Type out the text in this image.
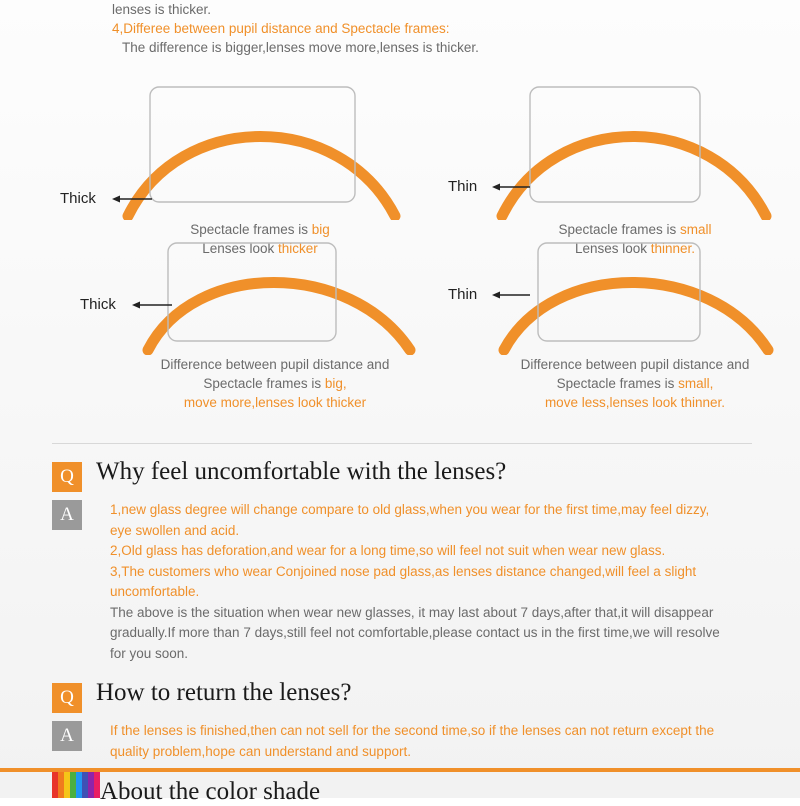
lenses is thicker.
4,Differee between pupil distance and Spectacle frames:
The difference is bigger,lenses move more,lenses is thicker.
Spectacle frames is big
Lenses look thicker
Thick
Spectacle frames is small
Lenses look thinner.
Thin
Difference between pupil distance and
Spectacle frames is big,
move more,lenses look thicker
Thick
Difference between pupil distance and
Spectacle frames is small,
move less,lenses look thinner.
Thin
Q Why feel uncomfortable with the lenses?
A	1,new glass degree will change compare to old glass,when you wear for the first time,may feel dizzy,
eye swollen and acid.
2,Old glass has deforation,and wear for a long time,so will feel not suit when wear new glass.
3,The customers who wear Conjoined nose pad glass,as lenses distance changed,will feel a slight
uncomfortable.
The above is the situation when wear new glasses, it may last about 7 days,after that,it will disappear
gradually.If more than 7 days,still feel not comfortable,please contact us in the first time,we will resolve
for you soon.
Q How to return the lenses?
A	If the lenses is finished,then can not sell for the second time,so if the lenses can not return except the
quality problem,hope can understand and support.
About the color shade
